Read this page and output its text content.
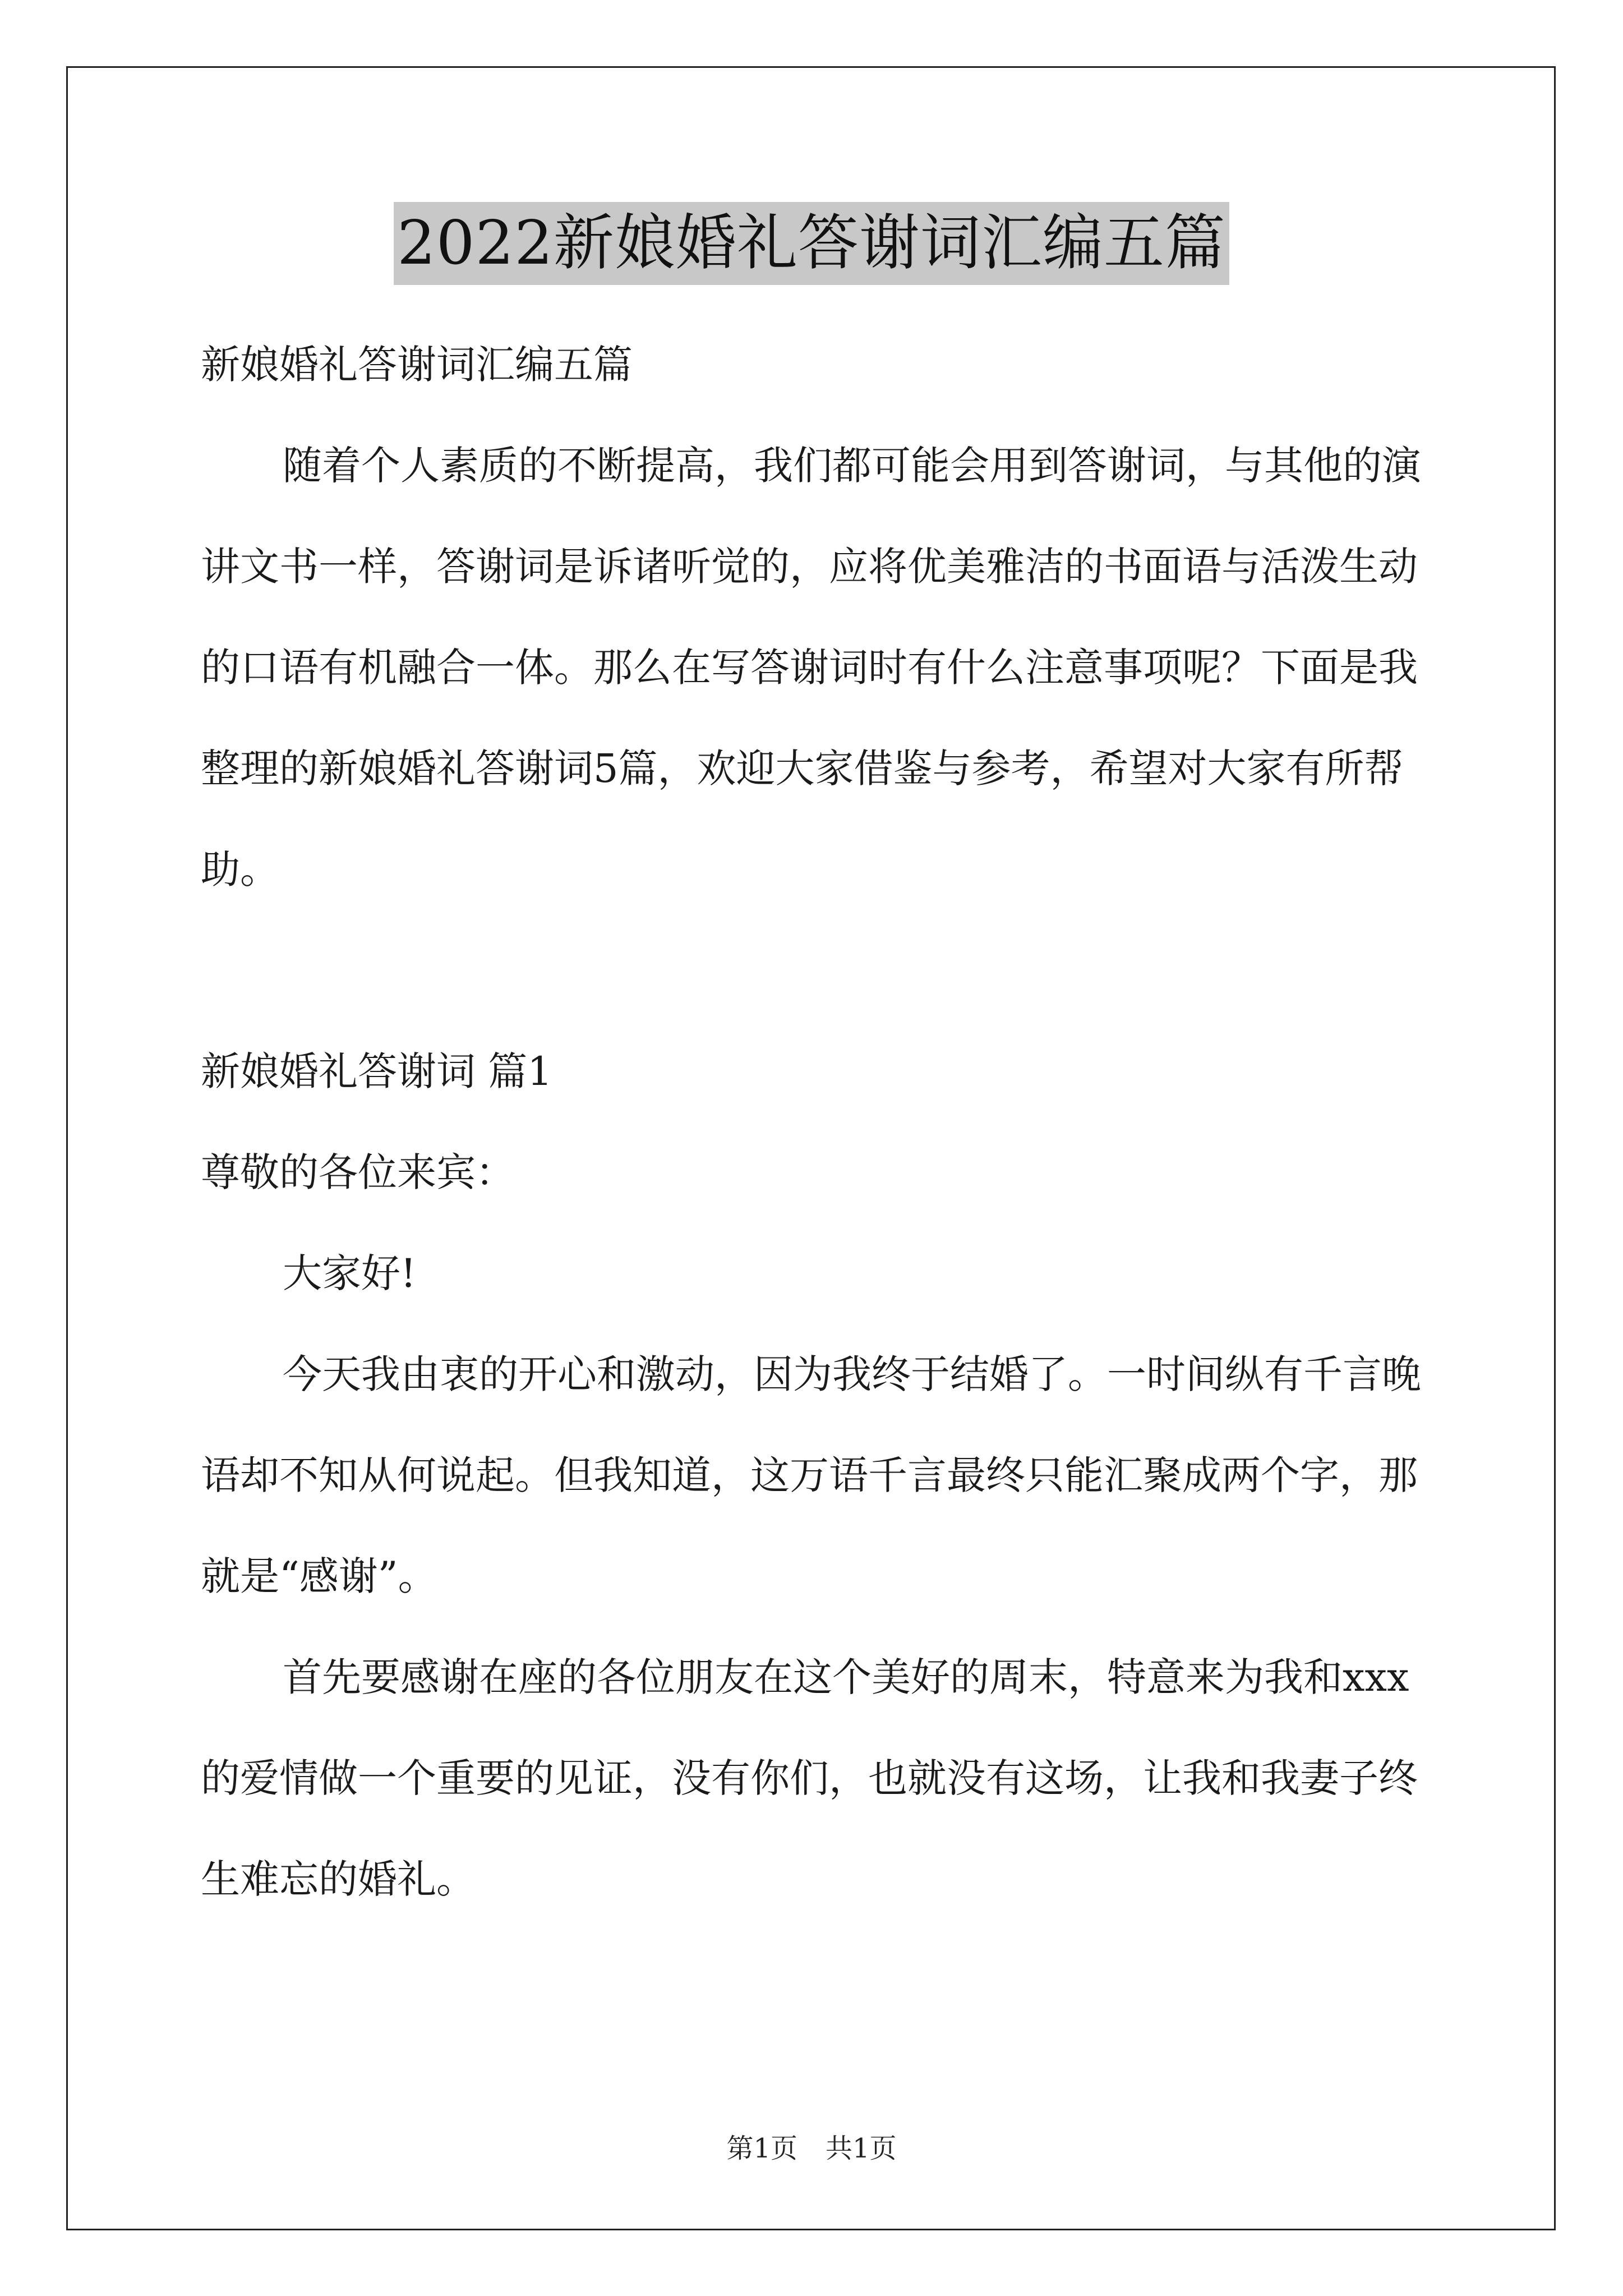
2022新娘婚礼答谢词汇编五篇

新娘婚礼答谢词汇编五篇

随着个人素质的不断提高，我们都可能会用到答谢词，与其他的演讲文书一样，答谢词是诉诸听觉的，应将优美雅洁的书面语与活泼生动的口语有机融合一体。那么在写答谢词时有什么注意事项呢？下面是我整理的新娘婚礼答谢词5篇，欢迎大家借鉴与参考，希望对大家有所帮助。

新娘婚礼答谢词 篇1

尊敬的各位来宾：

大家好!

今天我由衷的开心和激动，因为我终于结婚了。一时间纵有千言晚语却不知从何说起。但我知道，这万语千言最终只能汇聚成两个字，那就是“感谢”。

首先要感谢在座的各位朋友在这个美好的周末，特意来为我和xxx的爱情做一个重要的见证，没有你们，也就没有这场，让我和我妻子终生难忘的婚礼。

第1页 共1页
